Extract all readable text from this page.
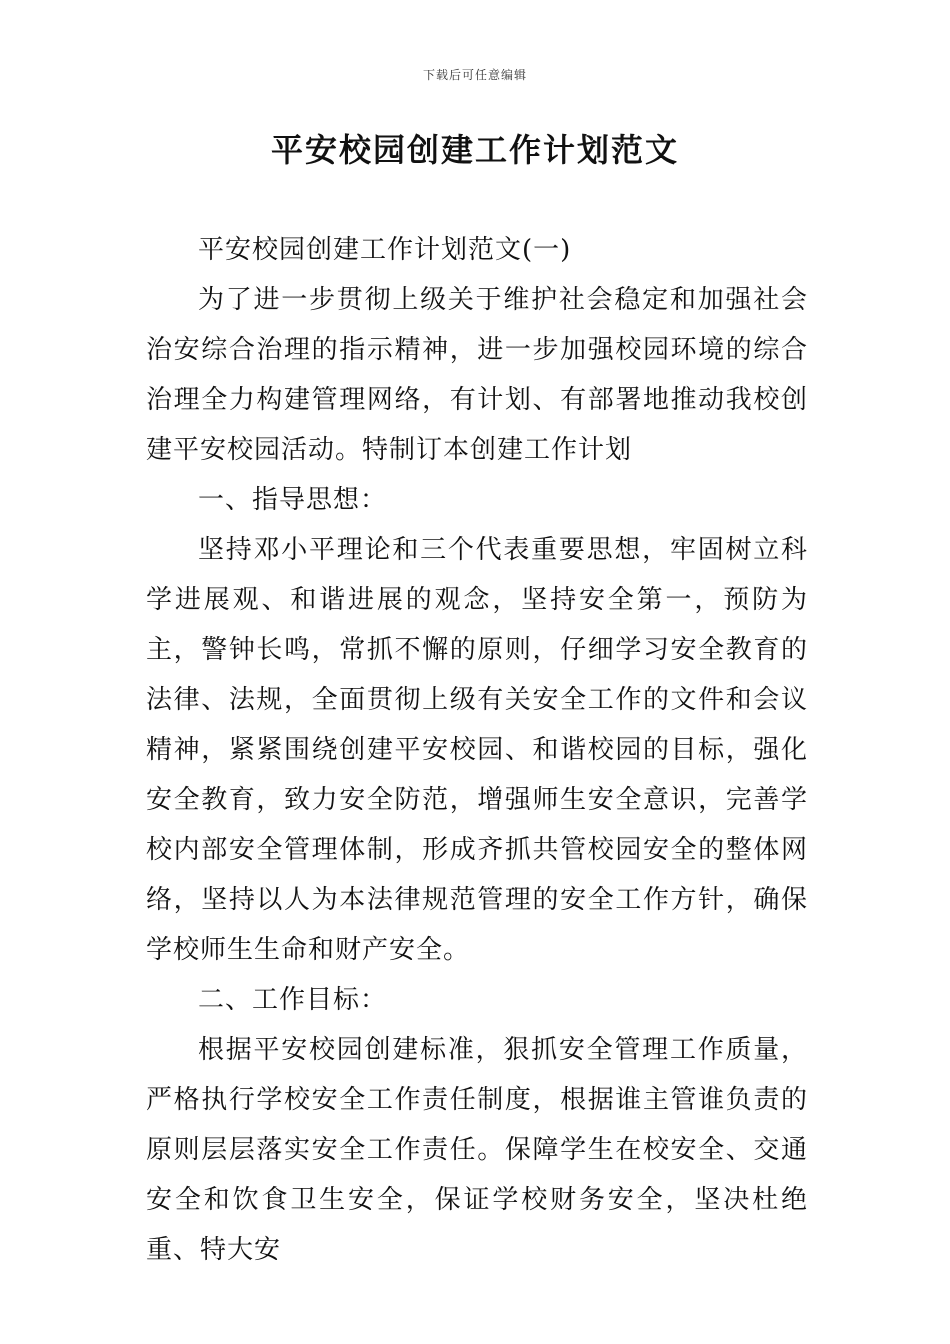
下载后可任意编辑
平安校园创建工作计划范文

平安校园创建工作计划范文(一)

为了进一步贯彻上级关于维护社会稳定和加强社会治安综合治理的指示精神，进一步加强校园环境的综合治理全力构建管理网络，有计划、有部署地推动我校创建平安校园活动。特制订本创建工作计划

一、指导思想：

坚持邓小平理论和三个代表重要思想，牢固树立科学进展观、和谐进展的观念，坚持安全第一，预防为主，警钟长鸣，常抓不懈的原则，仔细学习安全教育的法律、法规，全面贯彻上级有关安全工作的文件和会议精神，紧紧围绕创建平安校园、和谐校园的目标，强化安全教育，致力安全防范，增强师生安全意识，完善学校内部安全管理体制，形成齐抓共管校园安全的整体网络，坚持以人为本法律规范管理的安全工作方针，确保学校师生生命和财产安全。

二、工作目标：

根据平安校园创建标准，狠抓安全管理工作质量，严格执行学校安全工作责任制度，根据谁主管谁负责的原则层层落实安全工作责任。保障学生在校安全、交通安全和饮食卫生安全，保证学校财务安全，坚决杜绝重、特大安
